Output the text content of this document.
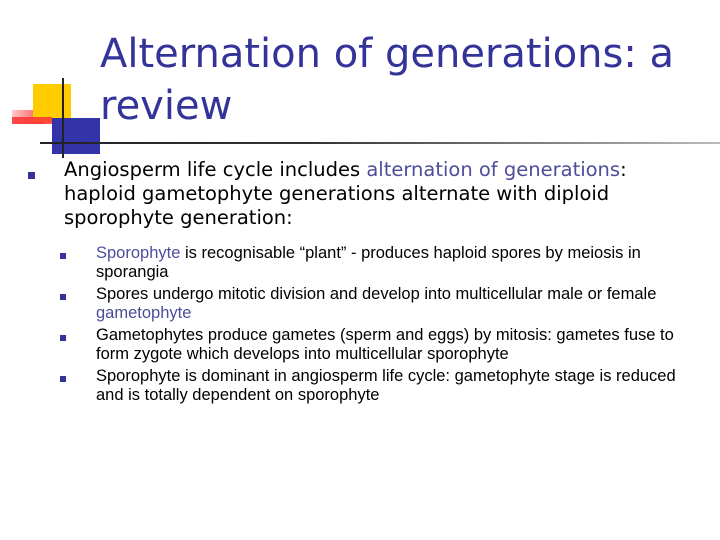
Alternation of generations: a review
Angiosperm life cycle includes alternation of generations: haploid gametophyte generations alternate with diploid sporophyte generation:
Sporophyte is recognisable “plant” - produces haploid spores by meiosis in sporangia
Spores undergo mitotic division and develop into multicellular male or female gametophyte
Gametophytes produce gametes (sperm and eggs) by mitosis: gametes fuse to form zygote which develops into multicellular sporophyte
Sporophyte is dominant in angiosperm life cycle: gametophyte stage is reduced and is totally dependent on sporophyte
